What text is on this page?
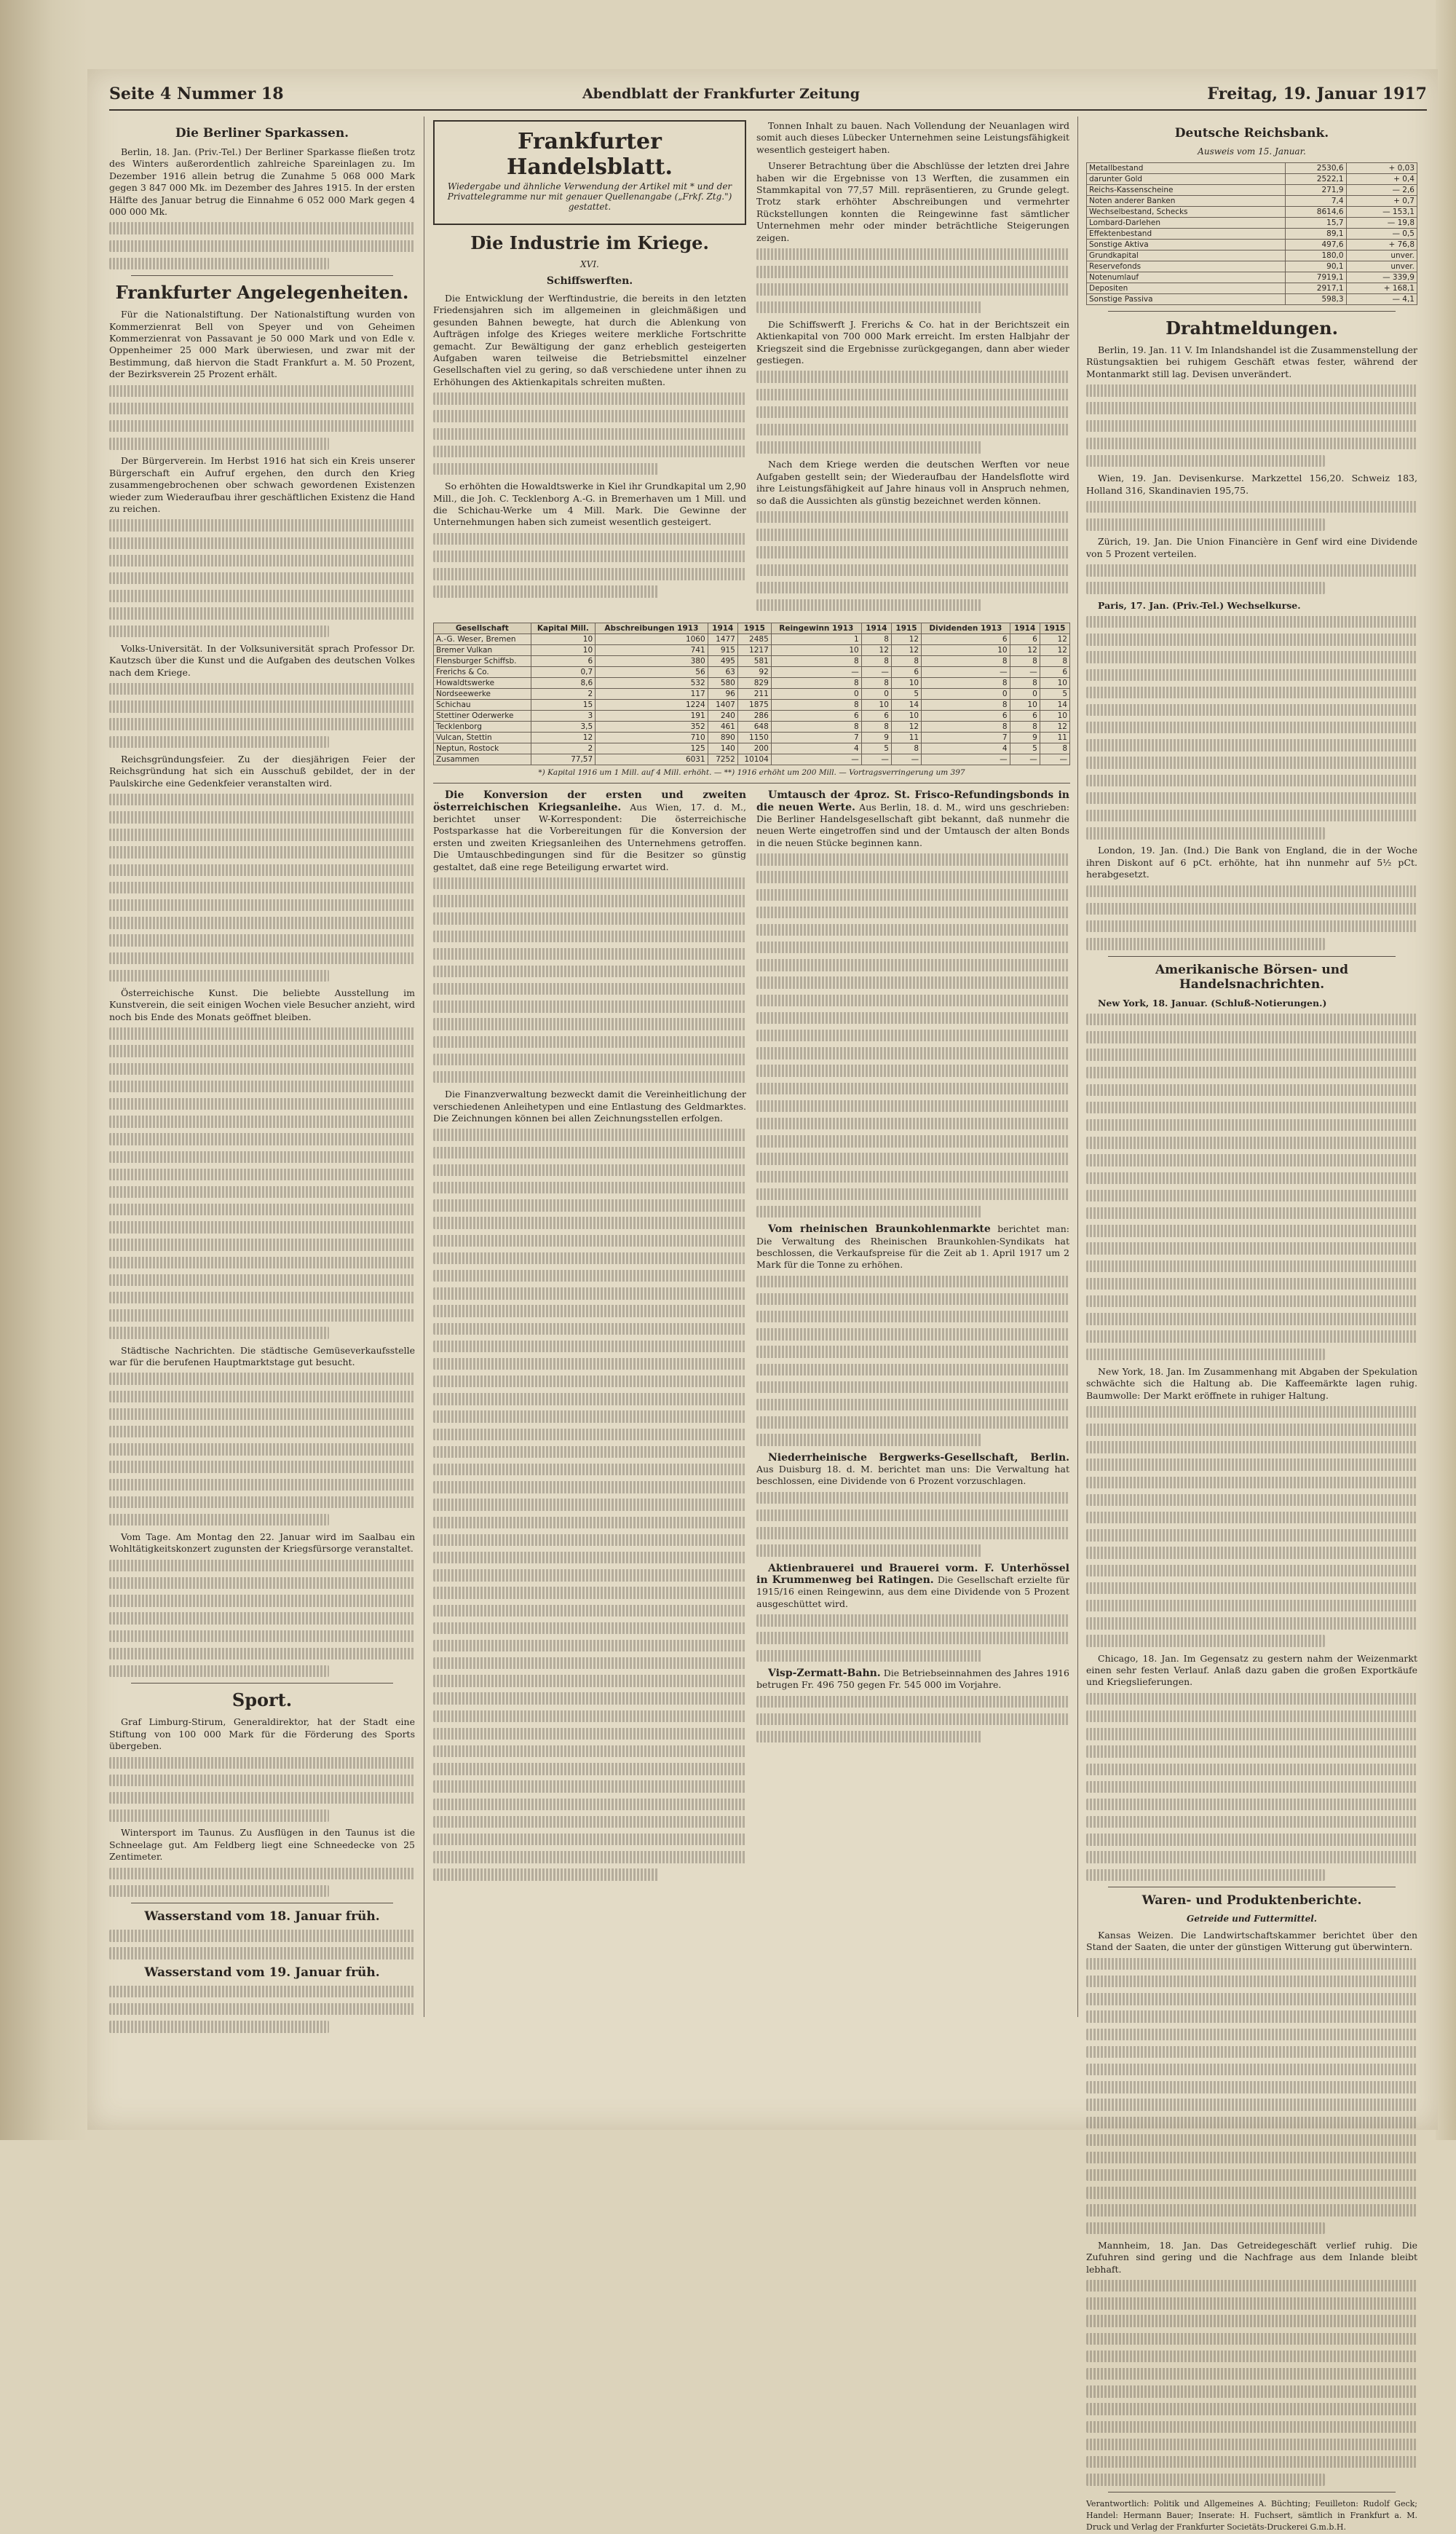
Seite 4 Nummer 18	Abendblatt der Frankfurter Zeitung	Freitag, 19. Januar 1917
Die Berliner Sparkassen.

Berlin, 18. Jan. (Priv.-Tel.) Der Berliner Sparkasse fließen trotz des Winters außerordentlich zahlreiche Spareinlagen zu. Im Dezember 1916 allein betrug die Zunahme 5 068 000 Mark gegen 3 847 000 Mk. im Dezember des Jahres 1915. In der ersten Hälfte des Januar betrug die Einnahme 6 052 000 Mark gegen 4 000 000 Mk.

Frankfurter Angelegenheiten.

Für die Nationalstiftung. Der Nationalstiftung wurden von Kommerzienrat Bell von Speyer und von Geheimen Kommerzienrat von Passavant je 50 000 Mark und von Edle v. Oppenheimer 25 000 Mark überwiesen, und zwar mit der Bestimmung, daß hiervon die Stadt Frankfurt a. M. 50 Prozent, der Bezirksverein 25 Prozent erhält.

Der Bürgerverein. Im Herbst 1916 hat sich ein Kreis unserer Bürgerschaft ein Aufruf ergehen, den durch den Krieg zusammengebrochenen ober schwach gewordenen Existenzen wieder zum Wiederaufbau ihrer geschäftlichen Existenz die Hand zu reichen.

Volks-Universität. In der Volksuniversität sprach Professor Dr. Kautzsch über die Kunst und die Aufgaben des deutschen Volkes nach dem Kriege.

Reichsgründungsfeier. Zu der diesjährigen Feier der Reichsgründung hat sich ein Ausschuß gebildet, der in der Paulskirche eine Gedenkfeier veranstalten wird.

Österreichische Kunst. Die beliebte Ausstellung im Kunstverein, die seit einigen Wochen viele Besucher anzieht, wird noch bis Ende des Monats geöffnet bleiben.

Städtische Nachrichten. Die städtische Gemüseverkaufsstelle war für die berufenen Hauptmarktstage gut besucht.

Vom Tage. Am Montag den 22. Januar wird im Saalbau ein Wohltätigkeitskonzert zugunsten der Kriegsfürsorge veranstaltet.

Sport.

Graf Limburg-Stirum, Generaldirektor, hat der Stadt eine Stiftung von 100 000 Mark für die Förderung des Sports übergeben.

Wintersport im Taunus. Zu Ausflügen in den Taunus ist die Schneelage gut. Am Feldberg liegt eine Schneedecke von 25 Zentimeter.

Wasserstand vom 18. Januar früh.
Wasserstand vom 19. Januar früh.
Frankfurter Handelsblatt.
Wiedergabe und ähnliche Verwendung der Artikel mit * und der Privattelegramme nur mit genauer Quellenangabe („Frkf. Ztg.") gestattet.
Die Industrie im Kriege.
XVI.
Schiffswerften.

Die Entwicklung der Werftindustrie, die bereits in den letzten Friedensjahren sich im allgemeinen in gleichmäßigen und gesunden Bahnen bewegte, hat durch die Ablenkung von Aufträgen infolge des Krieges weitere merkliche Fortschritte gemacht. Zur Bewältigung der ganz erheblich gesteigerten Aufgaben waren teilweise die Betriebsmittel einzelner Gesellschaften viel zu gering, so daß verschiedene unter ihnen zu Erhöhungen des Aktienkapitals schreiten mußten.

So erhöhten die Howaldtswerke in Kiel ihr Grundkapital um 2,90 Mill., die Joh. C. Tecklenborg A.-G. in Bremerhaven um 1 Mill. und die Schichau-Werke um 4 Mill. Mark. Die Gewinne der Unternehmungen haben sich zumeist wesentlich gesteigert.

Tonnen Inhalt zu bauen. Nach Vollendung der Neuanlagen wird somit auch dieses Lübecker Unternehmen seine Leistungsfähigkeit wesentlich gesteigert haben.

Unserer Betrachtung über die Abschlüsse der letzten drei Jahre haben wir die Ergebnisse von 13 Werften, die zusammen ein Stammkapital von 77,57 Mill. repräsentieren, zu Grunde gelegt. Trotz stark erhöhter Abschreibungen und vermehrter Rückstellungen konnten die Reingewinne fast sämtlicher Unternehmen mehr oder minder beträchtliche Steigerungen zeigen.

Die Schiffswerft J. Frerichs & Co. hat in der Berichtszeit ein Aktienkapital von 700 000 Mark erreicht. Im ersten Halbjahr der Kriegszeit sind die Ergebnisse zurückgegangen, dann aber wieder gestiegen.

Nach dem Kriege werden die deutschen Werften vor neue Aufgaben gestellt sein; der Wiederaufbau der Handelsflotte wird ihre Leistungsfähigkeit auf Jahre hinaus voll in Anspruch nehmen, so daß die Aussichten als günstig bezeichnet werden können.

Gesellschaft	Kapital Mill.	Abschreibungen 1913	1914	1915	Reingewinn 1913	1914	1915	Dividenden 1913	1914	1915
A.-G. Weser, Bremen	10	1060	1477	2485	1	8	12	6	6	12
Bremer Vulkan	10	741	915	1217	10	12	12	10	12	12
Flensburger Schiffsb.	6	380	495	581	8	8	8	8	8	8
Frerichs & Co.	0,7	56	63	92	—	—	6	—	—	6
Howaldtswerke	8,6	532	580	829	8	8	10	8	8	10
Nordseewerke	2	117	96	211	0	0	5	0	0	5
Schichau	15	1224	1407	1875	8	10	14	8	10	14
Stettiner Oderwerke	3	191	240	286	6	6	10	6	6	10
Tecklenborg	3,5	352	461	648	8	8	12	8	8	12
Vulcan, Stettin	12	710	890	1150	7	9	11	7	9	11
Neptun, Rostock	2	125	140	200	4	5	8	4	5	8
Zusammen	77,57	6031	7252	10104	—	—	—	—	—	—
*) Kapital 1916 um 1 Mill. auf 4 Mill. erhöht. — **) 1916 erhöht um 200 Mill. — Vortragsverringerung um 397

Die Konversion der ersten und zweiten österreichischen Kriegsanleihe. Aus Wien, 17. d. M., berichtet unser W-Korrespondent: Die österreichische Postsparkasse hat die Vorbereitungen für die Konversion der ersten und zweiten Kriegsanleihen des Unternehmens getroffen. Die Umtauschbedingungen sind für die Besitzer so günstig gestaltet, daß eine rege Beteiligung erwartet wird.

Die Finanzverwaltung bezweckt damit die Vereinheitlichung der verschiedenen Anleihetypen und eine Entlastung des Geldmarktes. Die Zeichnungen können bei allen Zeichnungsstellen erfolgen.

Umtausch der 4proz. St. Frisco-Refundingsbonds in die neuen Werte. Aus Berlin, 18. d. M., wird uns geschrieben: Die Berliner Handelsgesellschaft gibt bekannt, daß nunmehr die neuen Werte eingetroffen sind und der Umtausch der alten Bonds in die neuen Stücke beginnen kann.

Vom rheinischen Braunkohlenmarkte berichtet man: Die Verwaltung des Rheinischen Braunkohlen-Syndikats hat beschlossen, die Verkaufspreise für die Zeit ab 1. April 1917 um 2 Mark für die Tonne zu erhöhen.

Niederrheinische Bergwerks-Gesellschaft, Berlin. Aus Duisburg 18. d. M. berichtet man uns: Die Verwaltung hat beschlossen, eine Dividende von 6 Prozent vorzuschlagen.

Aktienbrauerei und Brauerei vorm. F. Unterhössel in Krummenweg bei Ratingen. Die Gesellschaft erzielte für 1915/16 einen Reingewinn, aus dem eine Dividende von 5 Prozent ausgeschüttet wird.

Visp-Zermatt-Bahn. Die Betriebseinnahmen des Jahres 1916 betrugen Fr. 496 750 gegen Fr. 545 000 im Vorjahre.

Deutsche Reichsbank.
Ausweis vom 15. Januar.
Metallbestand	2530,6	+ 0,03
darunter Gold	2522,1	+ 0,4
Reichs-Kassenscheine	271,9	— 2,6
Noten anderer Banken	7,4	+ 0,7
Wechselbestand, Schecks	8614,6	— 153,1
Lombard-Darlehen	15,7	— 19,8
Effektenbestand	89,1	— 0,5
Sonstige Aktiva	497,6	+ 76,8
Grundkapital	180,0	unver.
Reservefonds	90,1	unver.
Notenumlauf	7919,1	— 339,9
Depositen	2917,1	+ 168,1
Sonstige Passiva	598,3	— 4,1
Drahtmeldungen.

Berlin, 19. Jan. 11 V. Im Inlandshandel ist die Zusammenstellung der Rüstungsaktien bei ruhigem Geschäft etwas fester, während der Montanmarkt still lag. Devisen unverändert.

Wien, 19. Jan. Devisenkurse. Markzettel 156,20. Schweiz 183, Holland 316, Skandinavien 195,75.

Zürich, 19. Jan. Die Union Financière in Genf wird eine Dividende von 5 Prozent verteilen.

Paris, 17. Jan. (Priv.-Tel.) Wechselkurse.

London, 19. Jan. (Ind.) Die Bank von England, die in der Woche ihren Diskont auf 6 pCt. erhöhte, hat ihn nunmehr auf 5½ pCt. herabgesetzt.

Amerikanische Börsen- und Handelsnachrichten.

New York, 18. Januar. (Schluß-Notierungen.)

New York, 18. Jan. Im Zusammenhang mit Abgaben der Spekulation schwächte sich die Haltung ab. Die Kaffeemärkte lagen ruhig. Baumwolle: Der Markt eröffnete in ruhiger Haltung.

Chicago, 18. Jan. Im Gegensatz zu gestern nahm der Weizenmarkt einen sehr festen Verlauf. Anlaß dazu gaben die großen Exportkäufe und Kriegslieferungen.

Waren- und Produktenberichte.
Getreide und Futtermittel.

Kansas Weizen. Die Landwirtschaftskammer berichtet über den Stand der Saaten, die unter der günstigen Witterung gut überwintern.

Mannheim, 18. Jan. Das Getreidegeschäft verlief ruhig. Die Zufuhren sind gering und die Nachfrage aus dem Inlande bleibt lebhaft.

Verantwortlich: Politik und Allgemeines A. Büchting; Feuilleton: Rudolf Geck; Handel: Hermann Bauer; Inserate: H. Fuchsert, sämtlich in Frankfurt a. M. Druck und Verlag der Frankfurter Societäts-Druckerei G.m.b.H.
